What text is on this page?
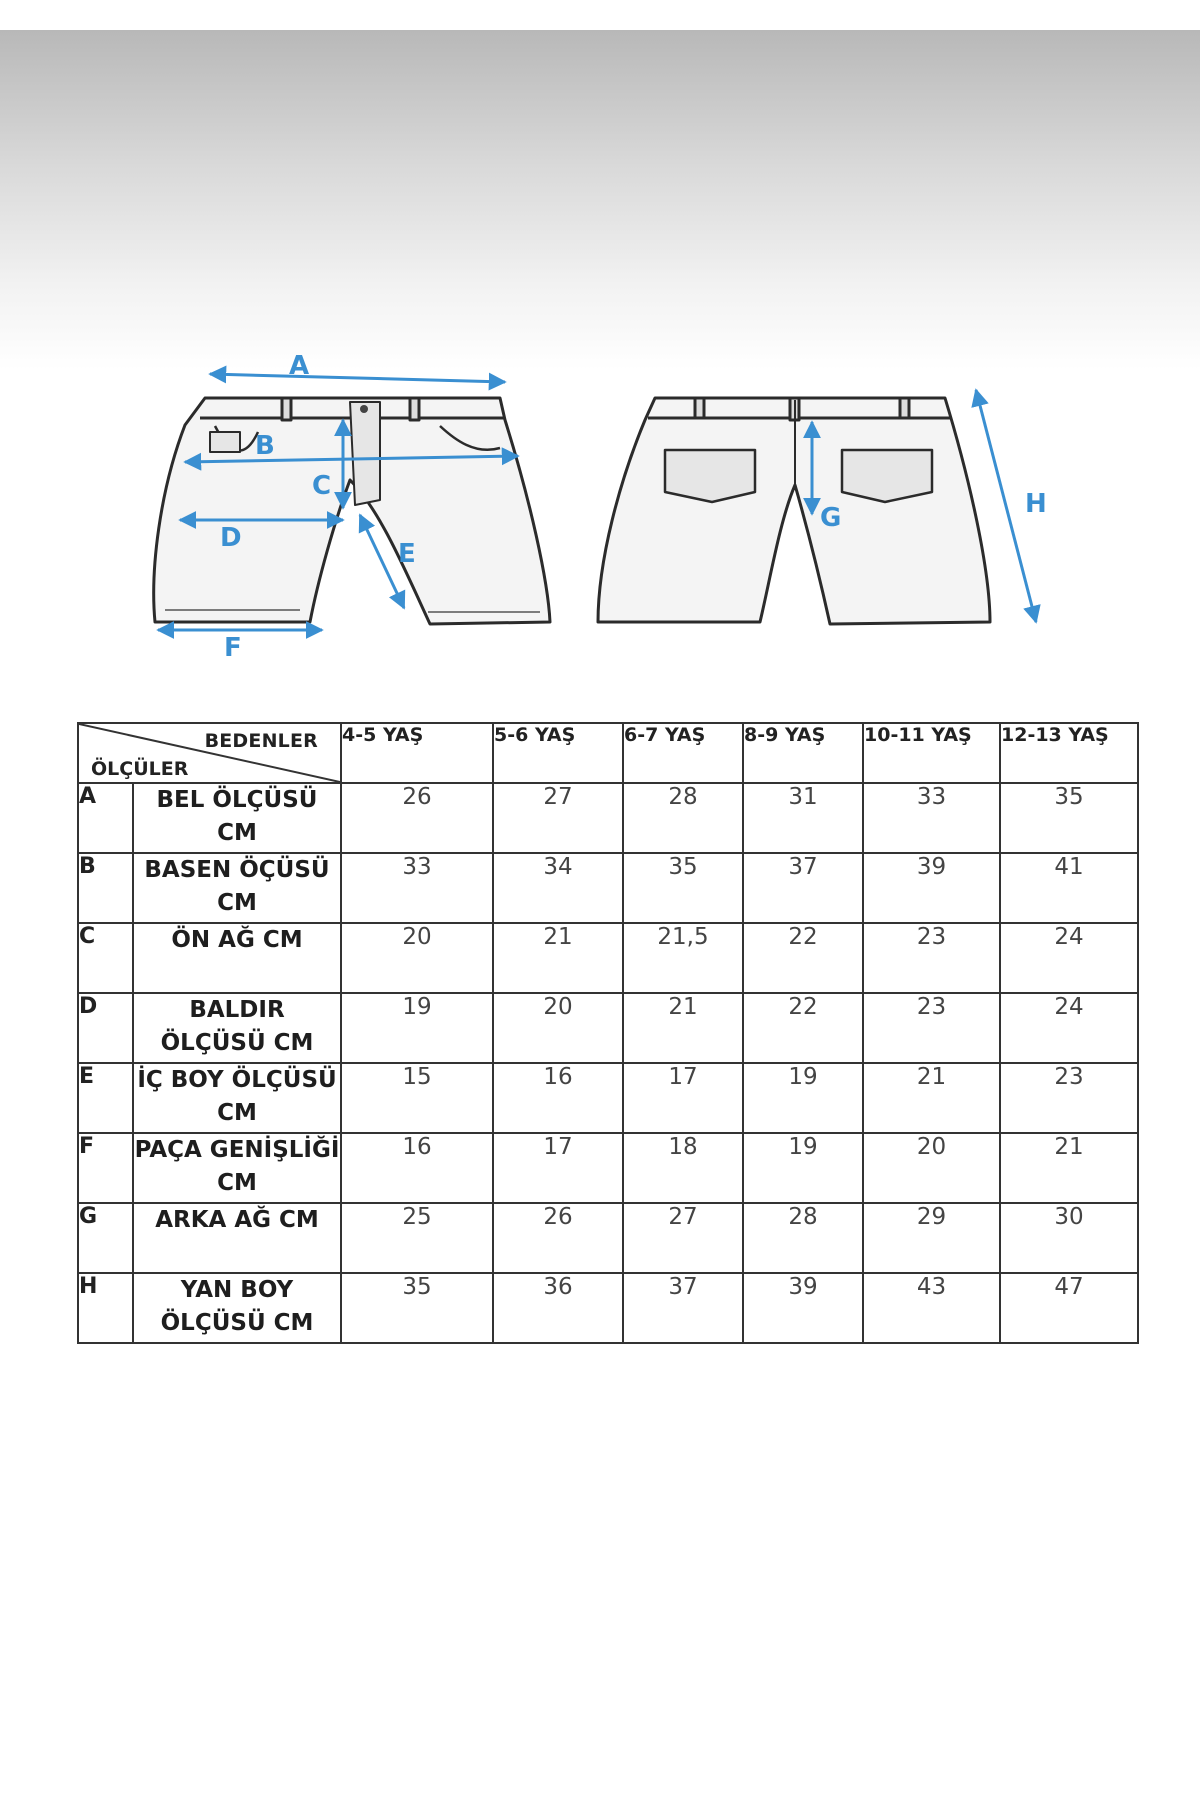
A
B
C
D
E
F
G	H
BEDENLER
ÖLÇÜLER		4-5 YAŞ	5-6 YAŞ	6-7 YAŞ	8-9 YAŞ	10-11 YAŞ	12-13 YAŞ
A	BEL ÖLÇÜSÜ CM	26	27	28	31	33	35
B	BASEN ÖÇÜSÜ CM	33	34	35	37	39	41
C	ÖN AĞ CM	20	21	21,5	22	23	24
D	BALDIR ÖLÇÜSÜ CM	19	20	21	22	23	24
E	İÇ BOY ÖLÇÜSÜ CM	15	16	17	19	21	23
F	PAÇA GENİŞLİĞİ CM	16	17	18	19	20	21
G	ARKA AĞ CM	25	26	27	28	29	30
H	YAN BOY ÖLÇÜSÜ CM	35	36	37	39	43	47
